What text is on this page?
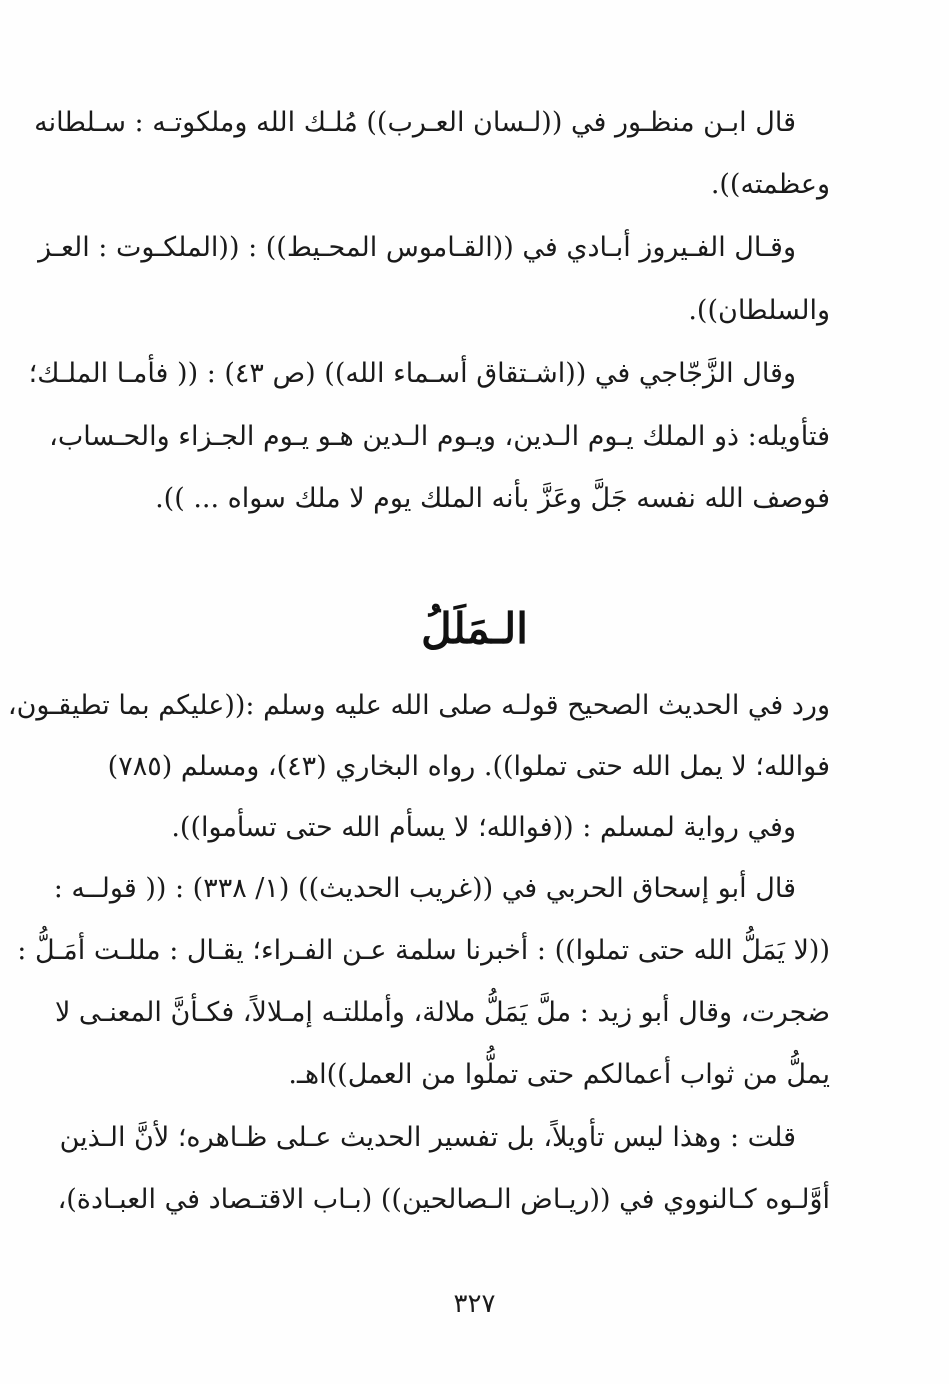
قال ابـن منظـور في ((لـسان العـرب)) مُلـك الله وملكوتـه : سـلطانه
وعظمته)).
وقـال الفـيروز أبـادي في ((القـاموس المحـيط)) : ((الملكـوت : العـز
والسلطان)).
وقال الزَّجّاجي في ((اشـتقاق أسـماء الله)) (ص ٤٣) : (( فأمـا الملـك؛
فتأويله: ذو الملك يـوم الـدين، ويـوم الـدين هـو يـوم الجـزاء والحـساب،
فوصف الله نفسه جَلَّ وعَزَّ بأنه الملك يوم لا ملك سواه ... )).
الـمَلَلُ
ورد في الحديث الصحيح قولـه صلى الله عليه وسلم :((عليكم بما تطيقـون،
فوالله؛ لا يمل الله حتى تملوا)). رواه البخاري (٤٣)، ومسلم (٧٨٥)
وفي رواية لمسلم : ((فوالله؛ لا يسأم الله حتى تسأموا)).
قال أبو إسحاق الحربي في ((غريب الحديث)) (١/ ٣٣٨) : (( قولــه :
((لا يَمَلُّ الله حتى تملوا)) : أخبرنا سلمة عـن الفـراء؛ يقـال : مللـت أمَـلُّ :
ضجرت، وقال أبو زيد : ملَّ يَمَلُّ ملالة، وأمللتـه إمـلالاً، فكـأنَّ المعنـى لا
يملُّ من ثواب أعمالكم حتى تملُّوا من العمل))اهـ.
قلت : وهذا ليس تأويلاً، بل تفسير الحديث عـلى ظـاهره؛ لأنَّ الـذين
أوَّلـوه كـالنووي في ((ريـاض الـصالحين)) (بـاب الاقتـصاد في العبـادة)،
٣٢٧
